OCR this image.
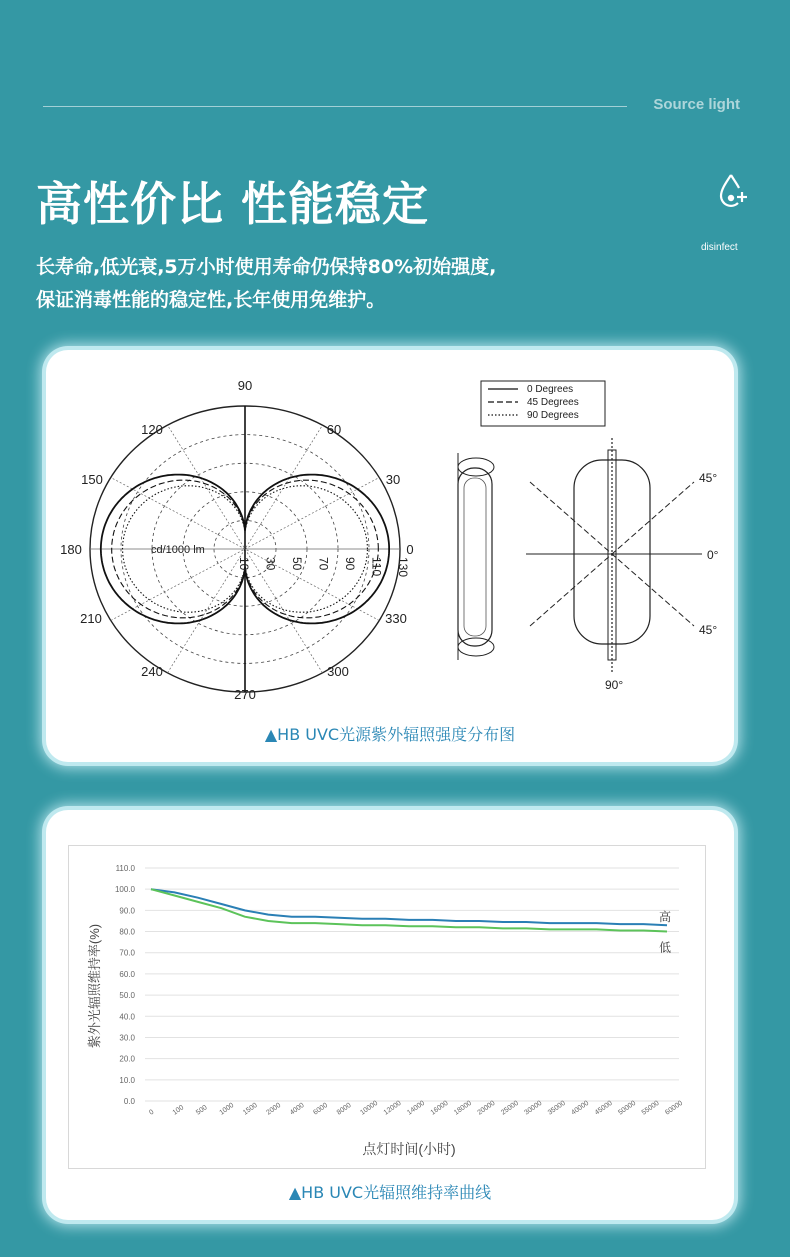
Source light
高性价比 性能稳定
disinfect
长寿命,低光衰,5万小时使用寿命仍保持80%初始强度,
保证消毒性能的稳定性,长年使用免维护。
90
60
30
0
330
300
270
240
210
180
150
120
cd/1000 lm
10 30 50 70 90 110 130
0 Degrees
45 Degrees
90 Degrees
45°
0°
45°
90°
▲HB UVC光源紫外辐照强度分布图
0.0
10.0
20.0
30.0
40.0
50.0
60.0
70.0
80.0
90.0
100.0
110.0
0 100 500 1000 1500 2000 4000 6000 8000 10000 12000 14000 16000 18000 20000 25000 30000 35000 40000 45000 50000 55000 60000
高
低
紫外光辐照维持率(%)
点灯时间(小时)
▲HB UVC光辐照维持率曲线
